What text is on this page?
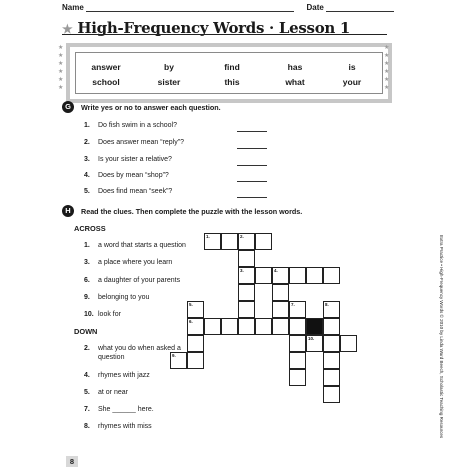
Name	Date
★ High-Frequency Words · Lesson 1
answer	by	find	has	is
school	sister	this	what	your
G	Write yes or no to answer each question.
1. Do fish swim in a school?
2. Does answer mean “reply”?
3. Is your sister a relative?
4. Does by mean “shop”?
5. Does find mean “seek”?
H	Read the clues. Then complete the puzzle with the lesson words.
ACROSS
1. a word that starts a question
3. a place where you learn
6. a daughter of your parents
9. belonging to you
10. look for
DOWN
2. what you do when asked a question
4. rhymes with jazz
5. at or near
7. She ______ here.
8. rhymes with miss
1.	2.
3.	4.
5.	7.	8.
6.
10.
9.
★
★
★
★
★
★
★
★
★
★
★
★
Extra Practice • High-Frequency Words © 2010 by Linda Ward Beech, Scholastic Teaching Resources
8
